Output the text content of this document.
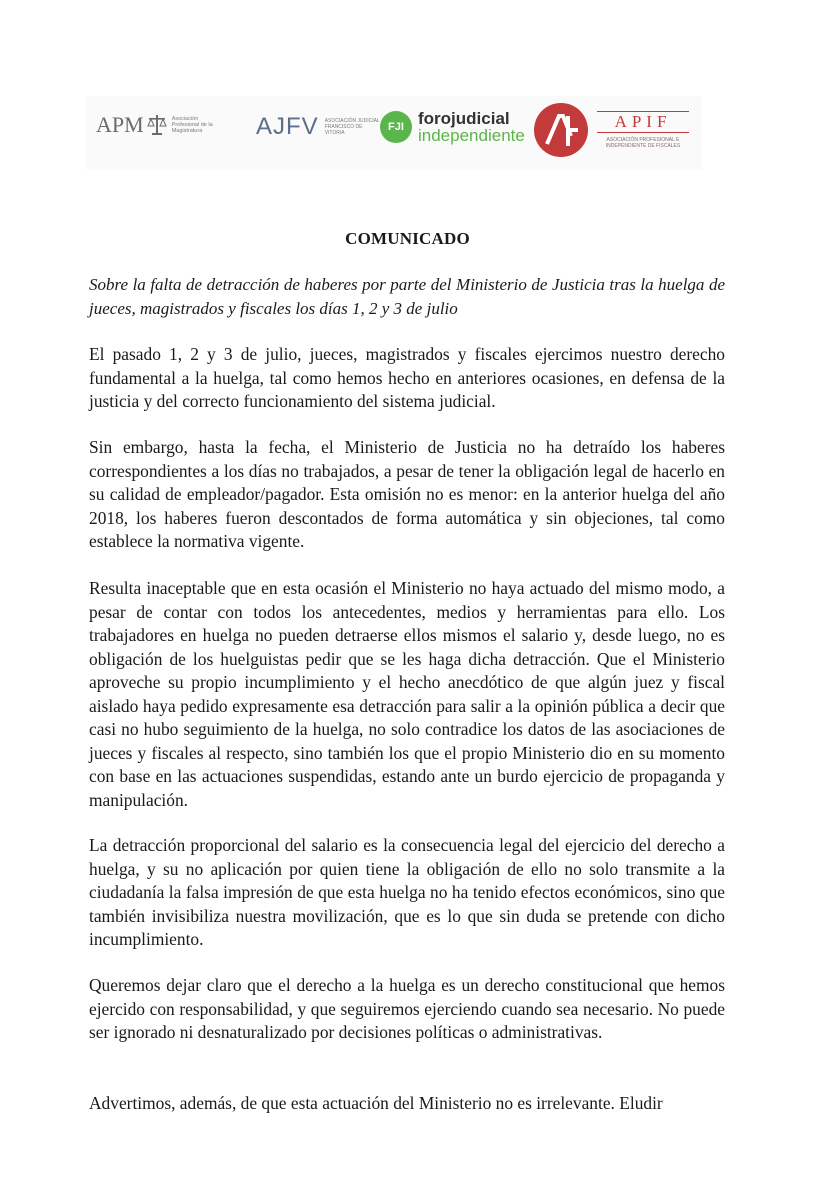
APM	Asociación Profesional de la Magistratura	AJFV ASOCIACIÓN JUDICIAL FRANCISCO DE VITORIA	FJI forojudicial
independiente
APIF
ASOCIACIÓN PROFESIONAL E INDEPENDIENTE DE FISCALES
COMUNICADO
Sobre la falta de detracción de haberes por parte del Ministerio de Justicia tras la huelga de jueces, magistrados y fiscales los días 1, 2 y 3 de julio
El pasado 1, 2 y 3 de julio, jueces, magistrados y fiscales ejercimos nuestro derecho fundamental a la huelga, tal como hemos hecho en anteriores ocasiones, en defensa de la justicia y del correcto funcionamiento del sistema judicial.
Sin embargo, hasta la fecha, el Ministerio de Justicia no ha detraído los haberes correspondientes a los días no trabajados, a pesar de tener la obligación legal de hacerlo en su calidad de empleador/pagador. Esta omisión no es menor: en la anterior huelga del año 2018, los haberes fueron descontados de forma automática y sin objeciones, tal como establece la normativa vigente.
Resulta inaceptable que en esta ocasión el Ministerio no haya actuado del mismo modo, a pesar de contar con todos los antecedentes, medios y herramientas para ello. Los trabajadores en huelga no pueden detraerse ellos mismos el salario y, desde luego, no es obligación de los huelguistas pedir que se les haga dicha detracción. Que el Ministerio aproveche su propio incumplimiento y el hecho anecdótico de que algún juez y fiscal aislado haya pedido expresamente esa detracción para salir a la opinión pública a decir que casi no hubo seguimiento de la huelga, no solo contradice los datos de las asociaciones de jueces y fiscales al respecto, sino también los que el propio Ministerio dio en su momento con base en las actuaciones suspendidas, estando ante un burdo ejercicio de propaganda y manipulación.
La detracción proporcional del salario es la consecuencia legal del ejercicio del derecho a huelga, y su no aplicación por quien tiene la obligación de ello no solo transmite a la ciudadanía la falsa impresión de que esta huelga no ha tenido efectos económicos, sino que también invisibiliza nuestra movilización, que es lo que sin duda se pretende con dicho incumplimiento.
Queremos dejar claro que el derecho a la huelga es un derecho constitucional que hemos ejercido con responsabilidad, y que seguiremos ejerciendo cuando sea necesario. No puede ser ignorado ni desnaturalizado por decisiones políticas o administrativas.
Advertimos, además, de que esta actuación del Ministerio no es irrelevante. Eludir
